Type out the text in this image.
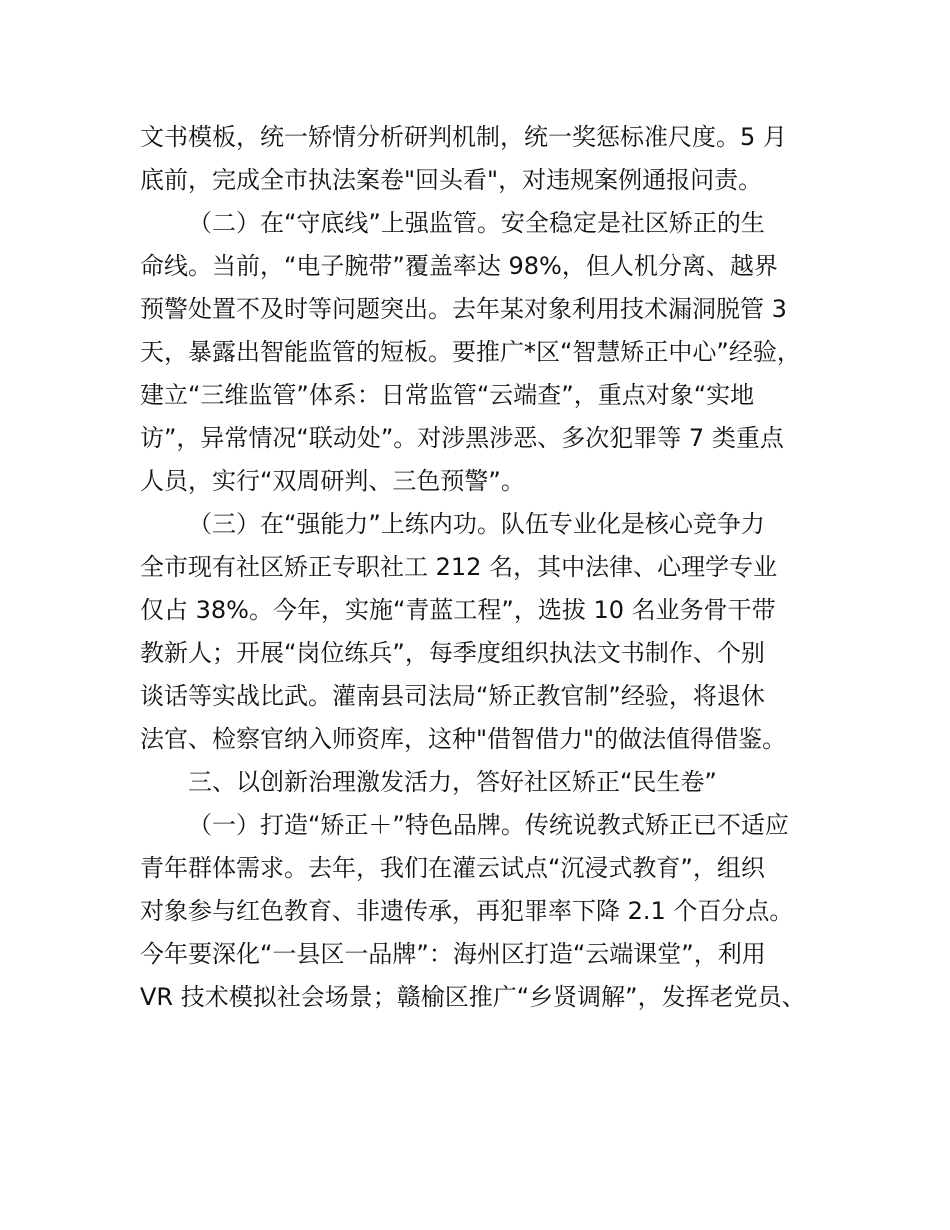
文书模板，统一矫情分析研判机制，统一奖惩标准尺度。5 月
底前，完成全市执法案卷"回头看"，对违规案例通报问责。

（二）在“守底线”上强监管。安全稳定是社区矫正的生
命线。当前，“电子腕带”覆盖率达 98%，但人机分离、越界
预警处置不及时等问题突出。去年某对象利用技术漏洞脱管 3
天，暴露出智能监管的短板。要推广*区“智慧矫正中心”经验，
建立“三维监管”体系：日常监管“云端查”，重点对象“实地
访”，异常情况“联动处”。对涉黑涉恶、多次犯罪等 7 类重点
人员，实行“双周研判、三色预警”。

（三）在“强能力”上练内功。队伍专业化是核心竞争力
全市现有社区矫正专职社工 212 名，其中法律、心理学专业
仅占 38%。今年，实施“青蓝工程”，选拔 10 名业务骨干带
教新人；开展“岗位练兵”，每季度组织执法文书制作、个别
谈话等实战比武。灌南县司法局“矫正教官制”经验，将退休
法官、检察官纳入师资库，这种"借智借力"的做法值得借鉴。

三、以创新治理激发活力，答好社区矫正“民生卷”

（一）打造“矫正＋”特色品牌。传统说教式矫正已不适应
青年群体需求。去年，我们在灌云试点“沉浸式教育”，组织
对象参与红色教育、非遗传承，再犯罪率下降 2.1 个百分点。
今年要深化“一县区一品牌”：海州区打造“云端课堂”，利用
VR 技术模拟社会场景；赣榆区推广“乡贤调解”，发挥老党员、
